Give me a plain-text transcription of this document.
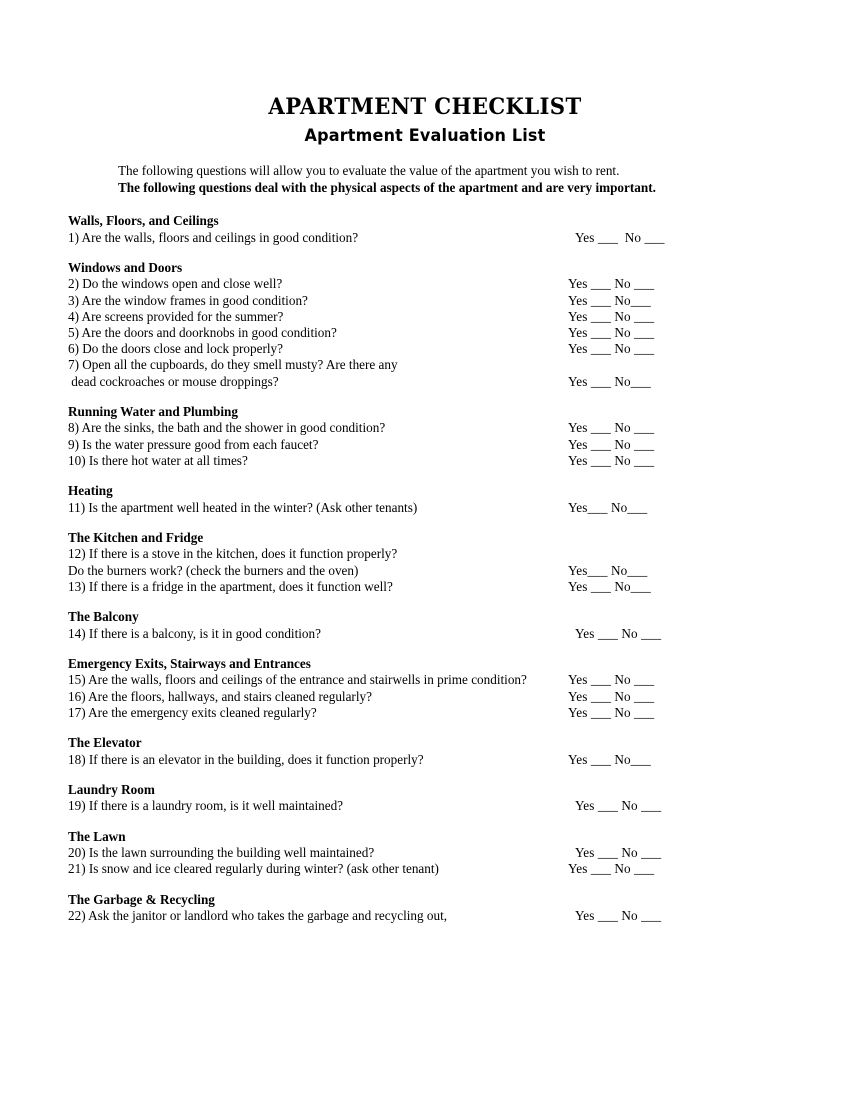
APARTMENT CHECKLIST
Apartment Evaluation List
The following questions will allow you to evaluate the value of the apartment you wish to rent.
The following questions deal with the physical aspects of the apartment and are very important.
Walls, Floors, and Ceilings
1) Are the walls, floors and ceilings in good condition?	Yes ___  No ___
Windows and Doors
2) Do the windows open and close well?	Yes ___ No ___
3) Are the window frames in good condition?	Yes ___ No___
4) Are screens provided for the summer?	Yes ___ No ___
5) Are the doors and doorknobs in good condition?	Yes ___ No ___
6) Do the doors close and lock properly?	Yes ___ No ___
7) Open all the cupboards, do they smell musty? Are there any
dead cockroaches or mouse droppings?	Yes ___ No___
Running Water and Plumbing
8) Are the sinks, the bath and the shower in good condition?	Yes ___ No ___
9) Is the water pressure good from each faucet?	Yes ___ No ___
10) Is there hot water at all times?	Yes ___ No ___
Heating
11) Is the apartment well heated in the winter? (Ask other tenants)	Yes___ No___
The Kitchen and Fridge
12) If there is a stove in the kitchen, does it function properly?
Do the burners work? (check the burners and the oven)	Yes___ No___
13) If there is a fridge in the apartment, does it function well?	Yes ___ No___
The Balcony
14) If there is a balcony, is it in good condition?	Yes ___ No ___
Emergency Exits, Stairways and Entrances
15) Are the walls, floors and ceilings of the entrance and stairwells in prime condition?	Yes ___ No ___
16) Are the floors, hallways, and stairs cleaned regularly?	Yes ___ No ___
17) Are the emergency exits cleaned regularly?	Yes ___ No ___
The Elevator
18) If there is an elevator in the building, does it function properly?	Yes ___ No___
Laundry Room
19) If there is a laundry room, is it well maintained?	Yes ___ No ___
The Lawn
20) Is the lawn surrounding the building well maintained?	Yes ___ No ___
21) Is snow and ice cleared regularly during winter? (ask other tenant)	Yes ___ No ___
The Garbage & Recycling
22) Ask the janitor or landlord who takes the garbage and recycling out,	Yes ___ No ___
